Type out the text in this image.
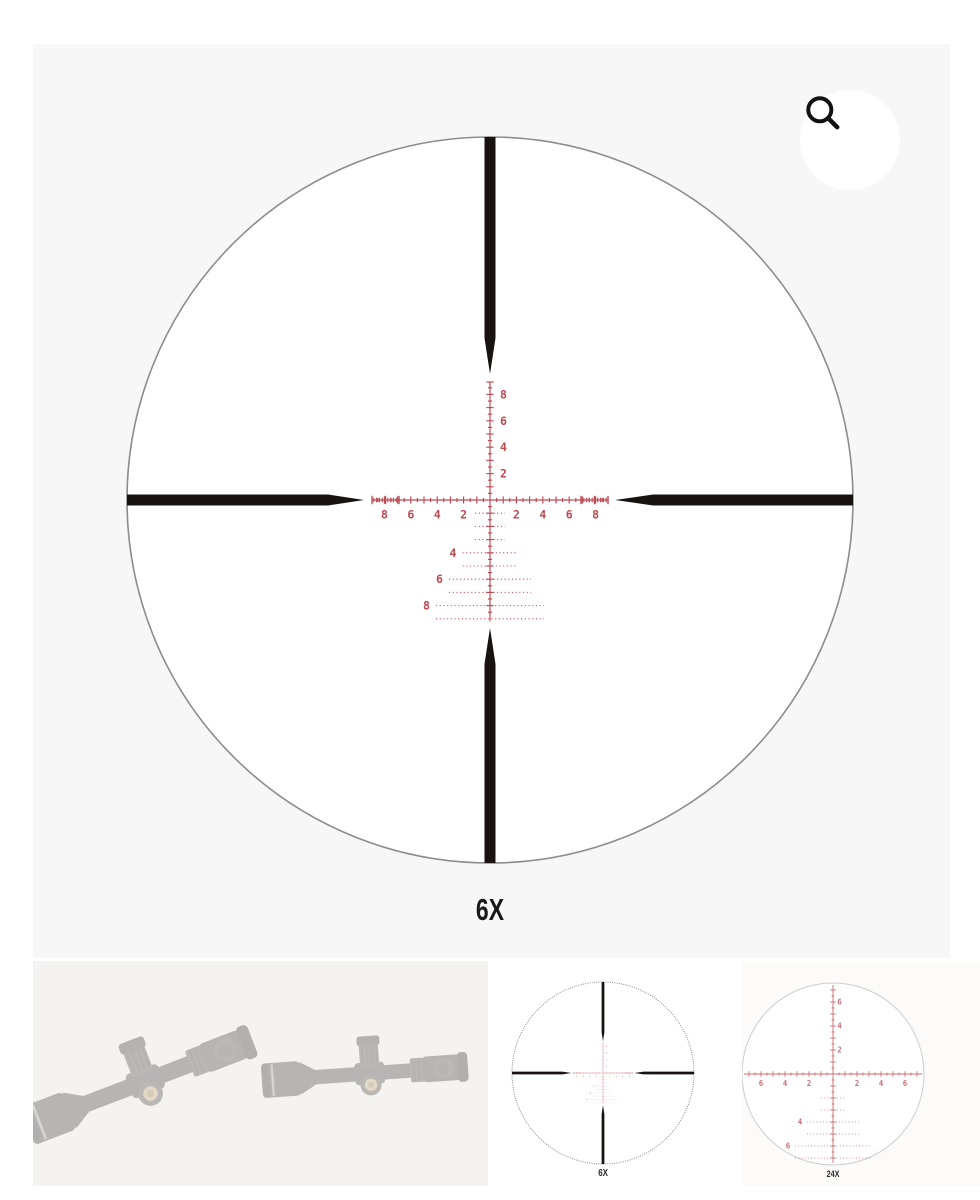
2
4
6
8
2	2
4	4
6	6
8	8
4
6
8
6X
2
4
6
8
2 2
4 4
6	6
8	8
4
6
8
6X
2
4
6
2	2
4	4
6	6
4
6
24X
